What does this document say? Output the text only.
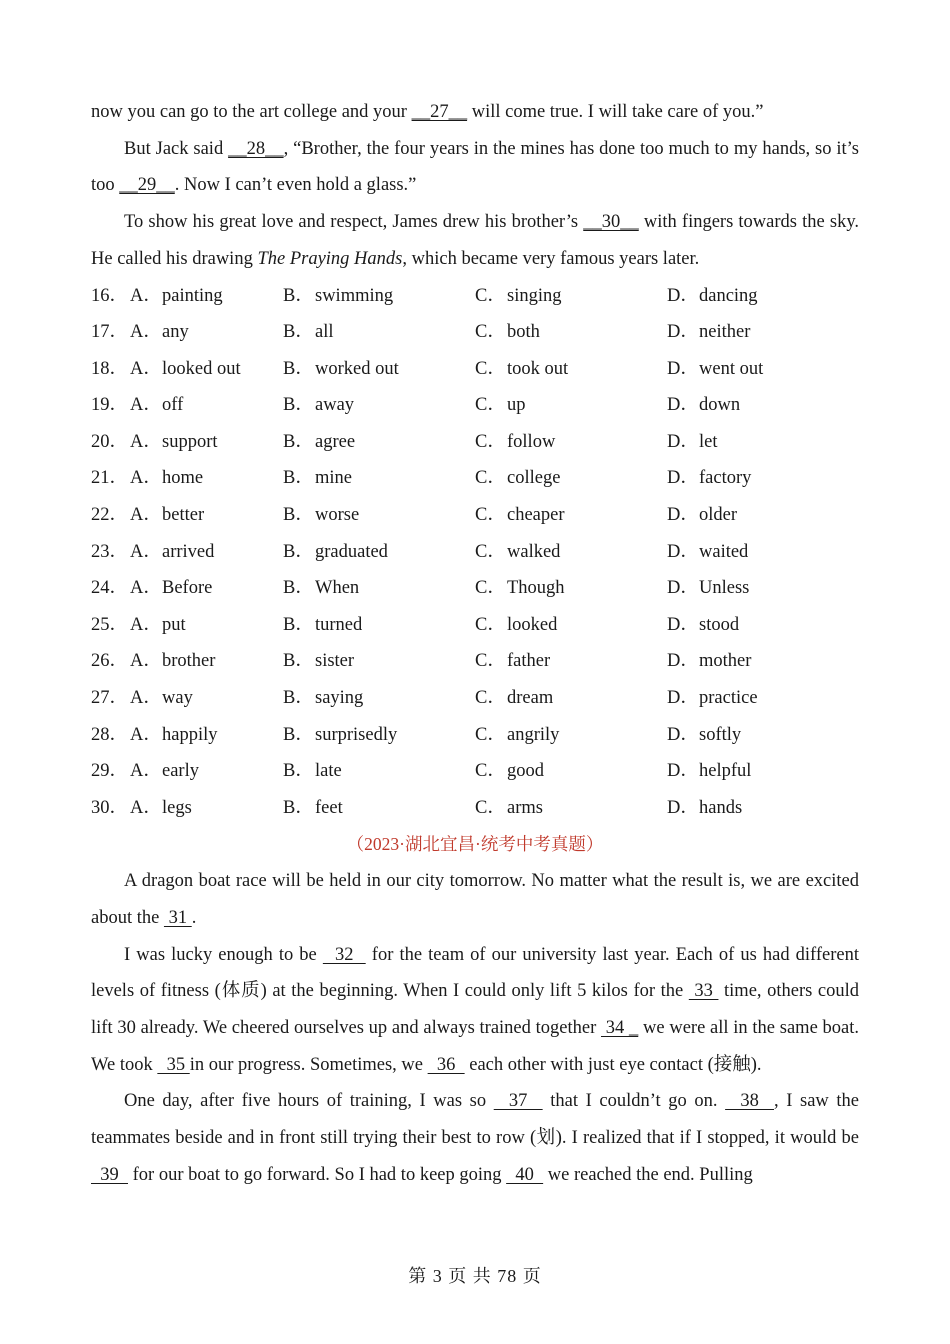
now you can go to the art college and your __27__ will come true. I will take care of you.”

But Jack said __28__, “Brother, the four years in the mines has done too much to my hands, so it’s too __29__. Now I can’t even hold a glass.”

To show his great love and respect, James drew his brother’s __30__ with fingers towards the sky. He called his drawing The Praying Hands, which became very famous years later.

16． A． painting	B． swimming	C． singing	D． dancing
17． A． any	B． all	C． both	D． neither
18． A． looked out B． worked out	C． took out	D． went out
19． A． off	B． away	C． up	D． down
20． A． support	B． agree	C． follow	D． let
21． A． home	B． mine	C． college	D． factory
22． A． better	B． worse	C． cheaper	D． older
23． A． arrived	B． graduated	C． walked	D． waited
24． A． Before	B． When	C． Though	D． Unless
25． A． put	B． turned	C． looked	D． stood
26． A． brother	B． sister	C． father	D． mother
27． A． way	B． saying	C． dream	D． practice
28． A． happily	B． surprisedly	C． angrily	D． softly
29． A． early	B． late	C． good	D． helpful
30． A． legs	B． feet	C． arms	D． hands

（2023·湖北宜昌·统考中考真题）

A dragon boat race will be held in our city tomorrow. No matter what the result is, we are excited about the  31 .

I was lucky enough to be   32   for the team of our university last year. Each of us had different levels of fitness (体质) at the beginning. When I could only lift 5 kilos for the  33  time, others could lift 30 already. We cheered ourselves up and always trained together  34 _ we were all in the same boat. We took   35 in our progress. Sometimes, we   36   each other with just eye contact (接触).

One day, after five hours of training, I was so   37   that I couldn’t go on.   38  , I saw the teammates beside and in front still trying their best to row (划). I realized that if I stopped, it would be   39   for our boat to go forward. So I had to keep going   40   we reached the end. Pulling

第 3 页 共 78 页
